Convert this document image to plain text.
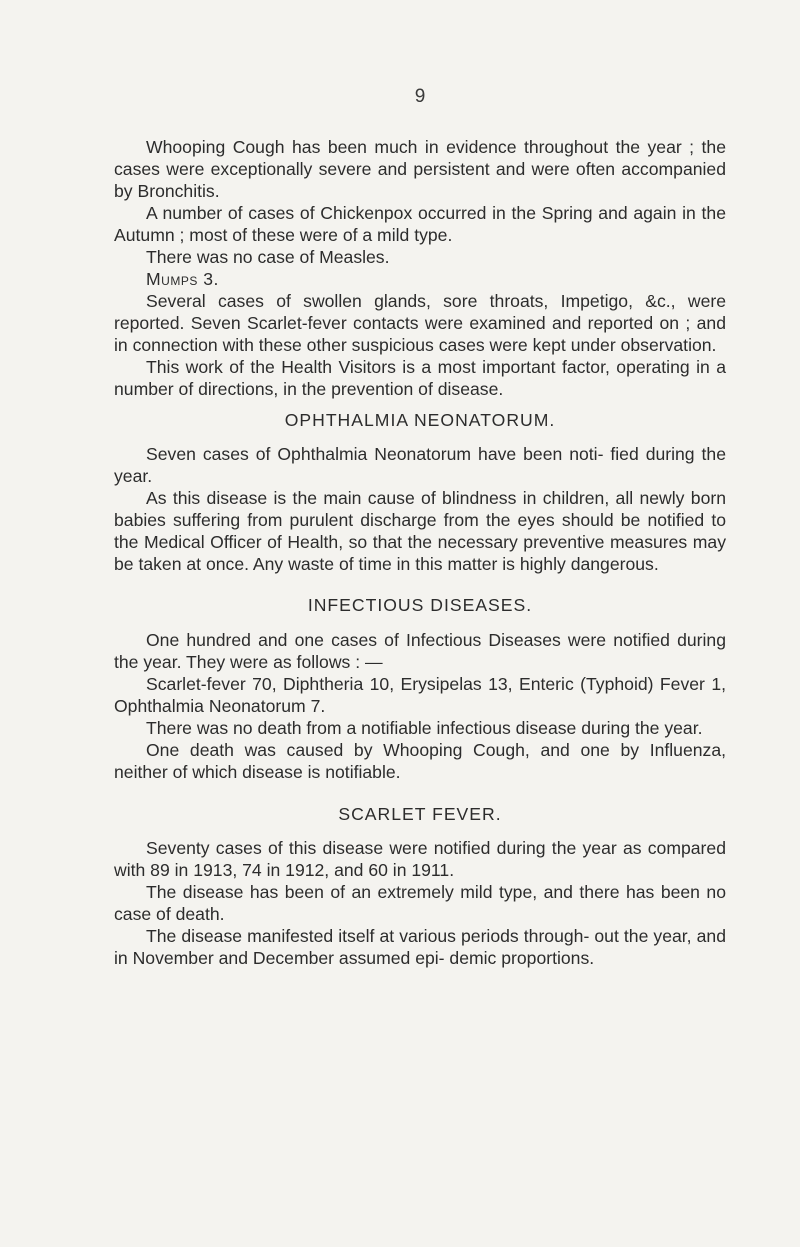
9

Whooping Cough has been much in evidence throughout the year ; the cases were exceptionally severe and persistent and were often accompanied by Bronchitis.

A number of cases of Chickenpox occurred in the Spring and again in the Autumn ; most of these were of a mild type.

There was no case of Measles.

Mumps 3.

Several cases of swollen glands, sore throats, Impetigo, &c., were reported. Seven Scarlet-fever contacts were examined and reported on ; and in connection with these other suspicious cases were kept under observation.

This work of the Health Visitors is a most important factor, operating in a number of directions, in the prevention of disease.

OPHTHALMIA NEONATORUM.

Seven cases of Ophthalmia Neonatorum have been noti- fied during the year.

As this disease is the main cause of blindness in children, all newly born babies suffering from purulent discharge from the eyes should be notified to the Medical Officer of Health, so that the necessary preventive measures may be taken at once. Any waste of time in this matter is highly dangerous.

INFECTIOUS DISEASES.

One hundred and one cases of Infectious Diseases were notified during the year. They were as follows : —

Scarlet-fever 70, Diphtheria 10, Erysipelas 13, Enteric (Typhoid) Fever 1, Ophthalmia Neonatorum 7.

There was no death from a notifiable infectious disease during the year.

One death was caused by Whooping Cough, and one by Influenza, neither of which disease is notifiable.

SCARLET FEVER.

Seventy cases of this disease were notified during the year as compared with 89 in 1913, 74 in 1912, and 60 in 1911.

The disease has been of an extremely mild type, and there has been no case of death.

The disease manifested itself at various periods through- out the year, and in November and December assumed epi- demic proportions.
